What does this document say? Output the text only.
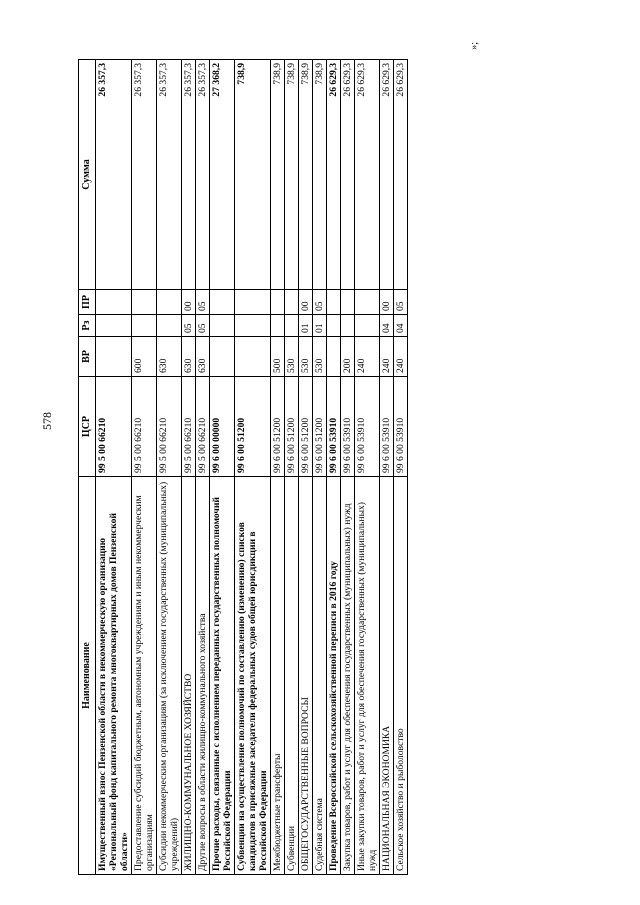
578
Наименование	ЦСР	ВР	Рз	ПР	Сумма
Имущественный взнос Пензенской области в некоммерческую организацию «Региональный фонд капитального ремонта многоквартирных домов Пензенской области»	99 5 00 66210				26 357,3
Предоставление субсидий бюджетным, автономным учреждениям и иным некоммерческим организациям	99 5 00 66210	600			26 357,3
Субсидии некоммерческим организациям (за исключением государственных (муниципальных) учреждений)	99 5 00 66210	630			26 357,3
ЖИЛИЩНО-КОММУНАЛЬНОЕ ХОЗЯЙСТВО	99 5 00 66210	630	05	00	26 357,3
Другие вопросы в области жилищно-коммунального хозяйства	99 5 00 66210	630	05	05	26 357,3
Прочие расходы, связанные с исполнением переданных государственных полномочий Российской Федерации	99 6 00 00000				27 368,2
Субвенции на осуществление полномочий по составлению (изменению) списков кандидатов в присяжные заседатели федеральных судов общей юрисдикции в Российской Федерации	99 6 00 51200				738,9
Межбюджетные трансферты	99 6 00 51200	500			738,9
Субвенции	99 6 00 51200	530			738,9
ОБЩЕГОСУДАРСТВЕННЫЕ ВОПРОСЫ	99 6 00 51200	530	01	00	738,9
Судебная система	99 6 00 51200	530	01	05	738,9
Проведение Всероссийской сельскохозяйственной переписи в 2016 году	99 6 00 53910				26 629,3
Закупка товаров, работ и услуг для обеспечения государственных (муниципальных) нужд	99 6 00 53910	200			26 629,3
Иные закупки товаров, работ и услуг для обеспечения государственных (муниципальных) нужд	99 6 00 53910	240			26 629,3
НАЦИОНАЛЬНАЯ ЭКОНОМИКА	99 6 00 53910	240	04	00	26 629,3
Сельское хозяйство и рыболовство	99 6 00 53910	240	04	05	26 629,3
»;
